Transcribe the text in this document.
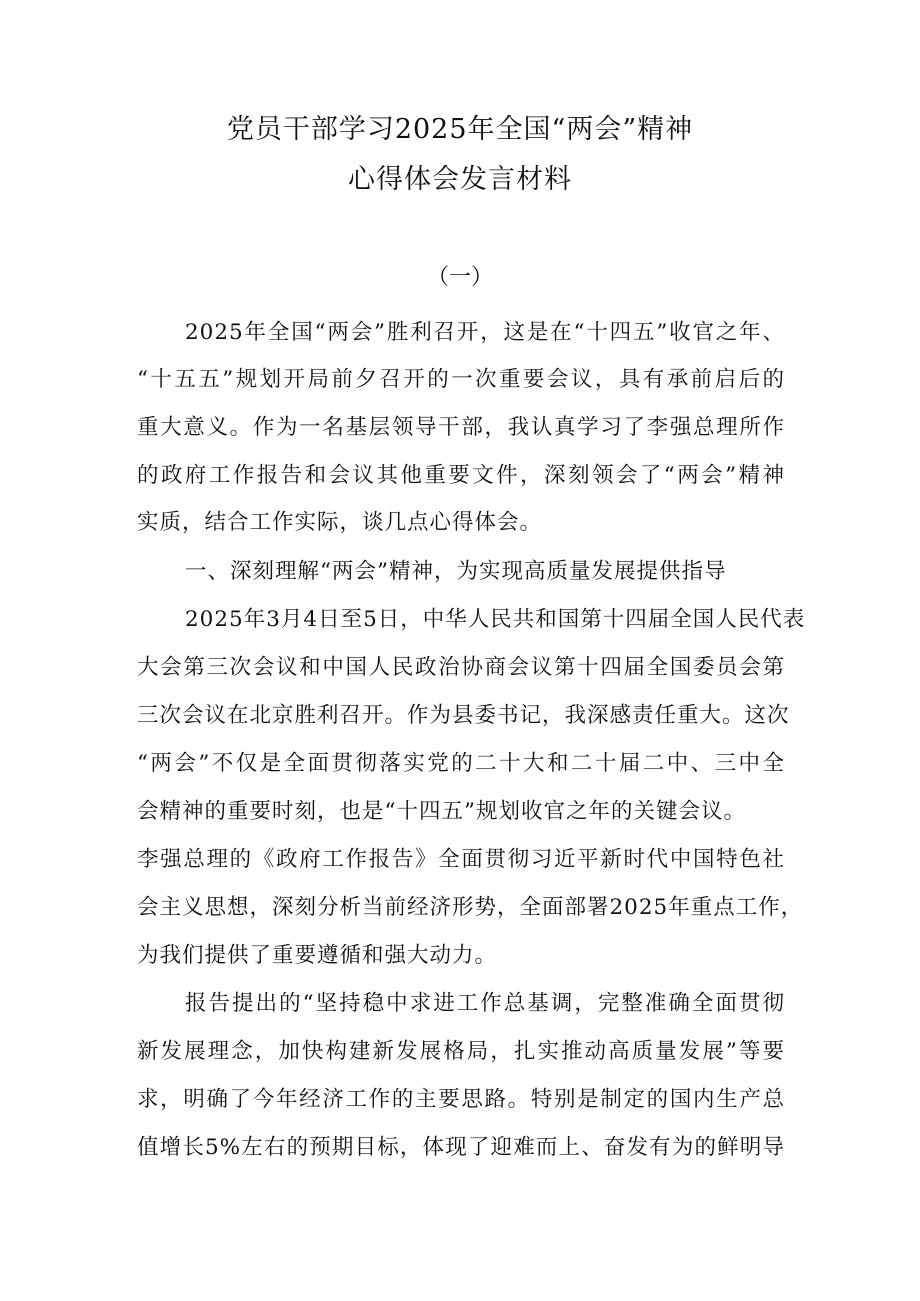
党员干部学习2025年全国“两会”精神
心得体会发言材料
（一）
2025年全国“两会”胜利召开，这是在“十四五”收官之年、
“十五五”规划开局前夕召开的一次重要会议，具有承前启后的
重大意义。作为一名基层领导干部，我认真学习了李强总理所作
的政府工作报告和会议其他重要文件，深刻领会了“两会”精神
实质，结合工作实际，谈几点心得体会。
一、深刻理解“两会”精神，为实现高质量发展提供指导
2025年3月4日至5日，中华人民共和国第十四届全国人民代表
大会第三次会议和中国人民政治协商会议第十四届全国委员会第
三次会议在北京胜利召开。作为县委书记，我深感责任重大。这次
“两会”不仅是全面贯彻落实党的二十大和二十届二中、三中全
会精神的重要时刻，也是“十四五”规划收官之年的关键会议。
李强总理的《政府工作报告》全面贯彻习近平新时代中国特色社
会主义思想，深刻分析当前经济形势，全面部署2025年重点工作，
为我们提供了重要遵循和强大动力。
报告提出的“坚持稳中求进工作总基调，完整准确全面贯彻
新发展理念，加快构建新发展格局，扎实推动高质量发展”等要
求，明确了今年经济工作的主要思路。特别是制定的国内生产总
值增长5%左右的预期目标，体现了迎难而上、奋发有为的鲜明导
